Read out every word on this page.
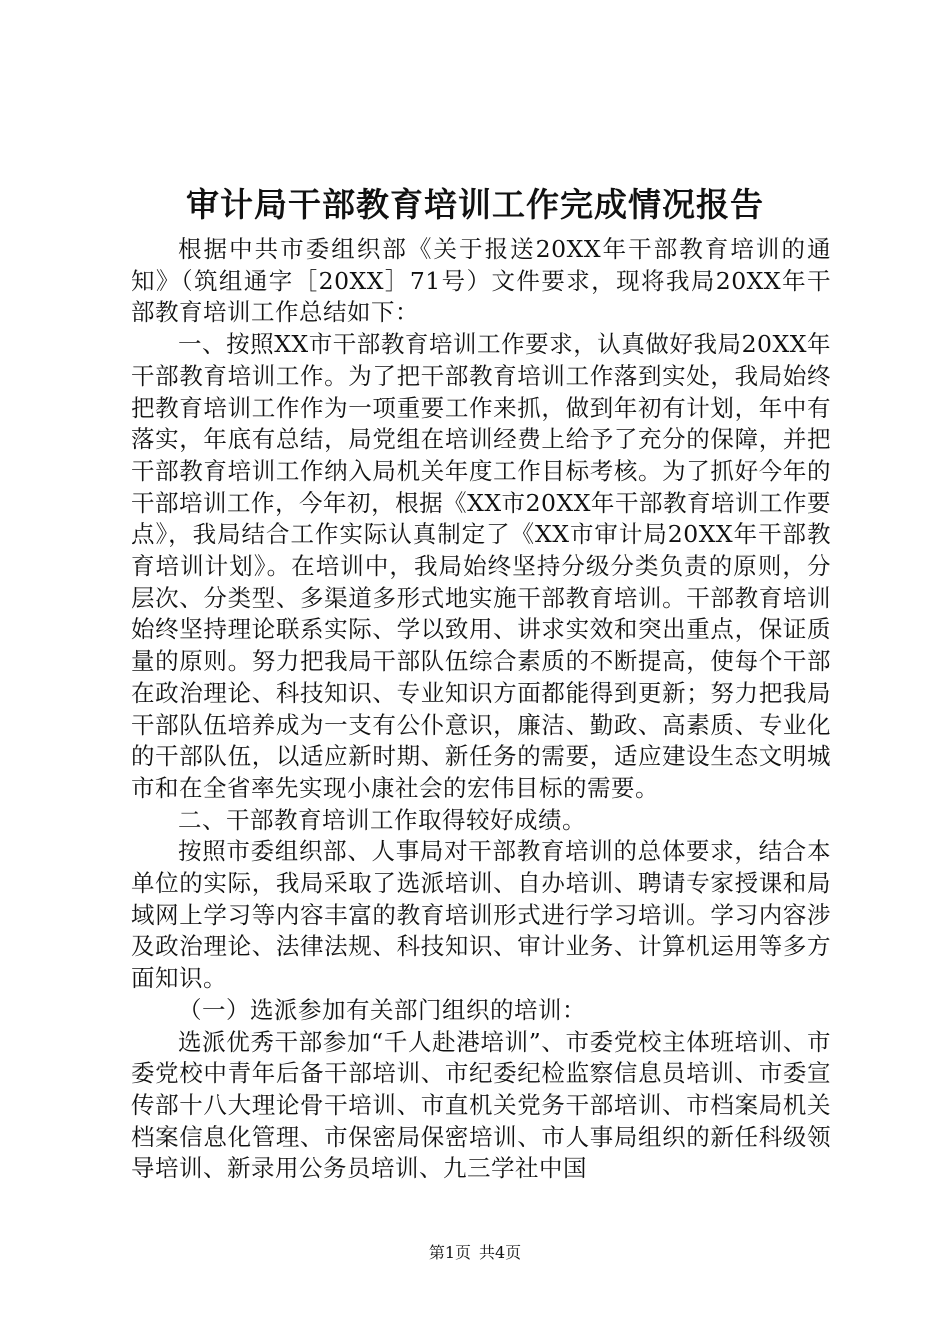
审计局干部教育培训工作完成情况报告

根据中共市委组织部《关于报送20XX年干部教育培训的通知》（筑组通字［20XX］71号）文件要求，现将我局20XX年干部教育培训工作总结如下：

一、按照XX市干部教育培训工作要求，认真做好我局20XX年干部教育培训工作。为了把干部教育培训工作落到实处，我局始终把教育培训工作作为一项重要工作来抓，做到年初有计划，年中有落实，年底有总结，局党组在培训经费上给予了充分的保障，并把干部教育培训工作纳入局机关年度工作目标考核。为了抓好今年的干部培训工作，今年初，根据《XX市20XX年干部教育培训工作要点》，我局结合工作实际认真制定了《XX市审计局20XX年干部教育培训计划》。在培训中，我局始终坚持分级分类负责的原则，分层次、分类型、多渠道多形式地实施干部教育培训。干部教育培训始终坚持理论联系实际、学以致用、讲求实效和突出重点，保证质量的原则。努力把我局干部队伍综合素质的不断提高，使每个干部在政治理论、科技知识、专业知识方面都能得到更新；努力把我局干部队伍培养成为一支有公仆意识，廉洁、勤政、高素质、专业化的干部队伍，以适应新时期、新任务的需要，适应建设生态文明城市和在全省率先实现小康社会的宏伟目标的需要。

二、干部教育培训工作取得较好成绩。

按照市委组织部、人事局对干部教育培训的总体要求，结合本单位的实际，我局采取了选派培训、自办培训、聘请专家授课和局域网上学习等内容丰富的教育培训形式进行学习培训。学习内容涉及政治理论、法律法规、科技知识、审计业务、计算机运用等多方面知识。

（一）选派参加有关部门组织的培训：

选派优秀干部参加“千人赴港培训”、市委党校主体班培训、市委党校中青年后备干部培训、市纪委纪检监察信息员培训、市委宣传部十八大理论骨干培训、市直机关党务干部培训、市档案局机关档案信息化管理、市保密局保密培训、市人事局组织的新任科级领导培训、新录用公务员培训、九三学社中国

第1页 共4页
